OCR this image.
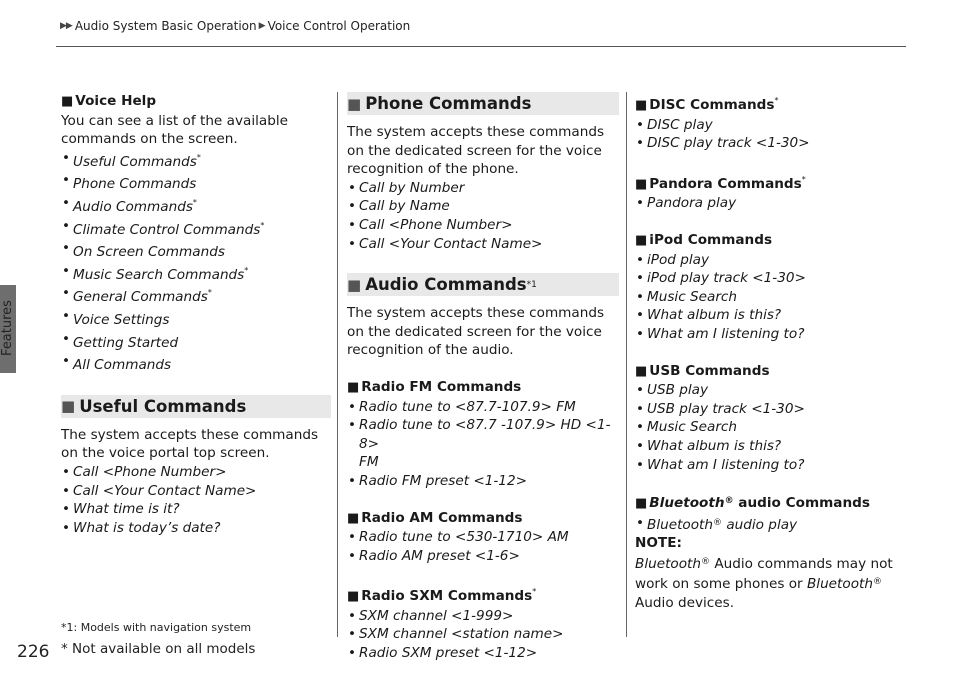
Features
▶▶ Audio System Basic Operation ▶ Voice Control Operation

■ Voice Help

You can see a list of the available commands on the screen.

• Useful Commands*

• Phone Commands

• Audio Commands*

• Climate Control Commands*

• On Screen Commands

• Music Search Commands*

• General Commands*

• Voice Settings

• Getting Started

• All Commands

■ Useful Commands

The system accepts these commands on the voice portal top screen.

• Call <Phone Number>

• Call <Your Contact Name>

• What time is it?

• What is today’s date?

■ Phone Commands

The system accepts these commands on the dedicated screen for the voice recognition of the phone.

• Call by Number

• Call by Name

• Call <Phone Number>

• Call <Your Contact Name>

■ Audio Commands *1

The system accepts these commands on the dedicated screen for the voice recognition of the audio.

■ Radio FM Commands

• Radio tune to <87.7-107.9> FM

• Radio tune to <87.7 -107.9> HD <1-8>

FM

• Radio FM preset <1-12>

■ Radio AM Commands

• Radio tune to <530-1710> AM

• Radio AM preset <1-6>

■ Radio SXM Commands*

• SXM channel <1-999>

• SXM channel <station name>

• Radio SXM preset <1-12>

■ DISC Commands*

• DISC play

• DISC play track <1-30>

■ Pandora Commands*

• Pandora play

■ iPod Commands

• iPod play

• iPod play track <1-30>

• Music Search

• What album is this?

• What am I listening to?

■ USB Commands

• USB play

• USB play track <1-30>

• Music Search

• What album is this?

• What am I listening to?

■ Bluetooth® audio Commands

• Bluetooth® audio play

NOTE:

Bluetooth® Audio commands may not work on some phones or Bluetooth® Audio devices.

*1: Models with navigation system
226 * Not available on all models
